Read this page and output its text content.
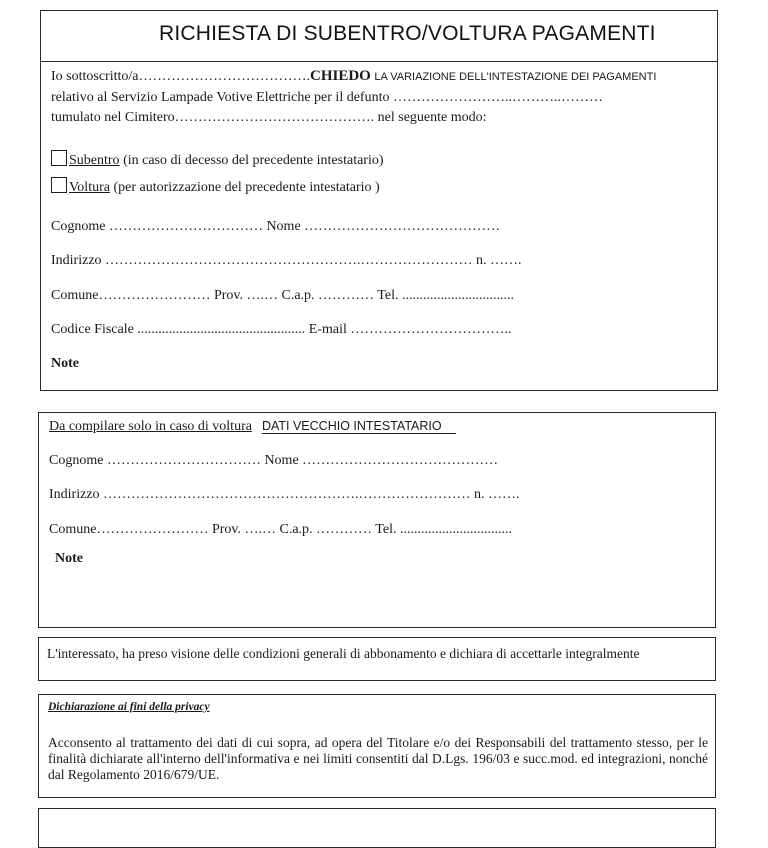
RICHIESTA DI SUBENTRO/VOLTURA PAGAMENTI
Io sottoscritto/a……………………………….CHIEDO LA VARIAZIONE DELL'INTESTAZIONE DEI PAGAMENTI
relativo al Servizio Lampade Votive Elettriche per il defunto ……………………..………..………
tumulato nel Cimitero……………………………………. nel seguente modo:
Subentro (in caso di decesso del precedente intestatario)
Voltura (per autorizzazione del precedente intestatario )
Cognome …………………………… Nome ……………………………………
Indirizzo ……………………………………………….…………………… n. …….
Comune…………………… Prov. ….… C.a.p. ………… Tel. ................................
Codice Fiscale ................................................ E-mail ……………………………..
Note
Da compilare solo in caso di voltura DATI VECCHIO INTESTATARIO
Cognome …………………………… Nome ……………………………………
Indirizzo ……………………………………………….…………………… n. …….
Comune…………………… Prov. ….… C.a.p. ………… Tel. ................................
Note
L'interessato, ha preso visione delle condizioni generali di abbonamento e dichiara di accettarle integralmente
Dichiarazione ai fini della privacy
Acconsento al trattamento dei dati di cui sopra, ad opera del Titolare e/o dei Responsabili del trattamento stesso, per le finalità dichiarate all'interno dell'informativa e nei limiti consentiti dal D.Lgs. 196/03 e succ.mod. ed integrazioni, nonché dal Regolamento 2016/679/UE.
